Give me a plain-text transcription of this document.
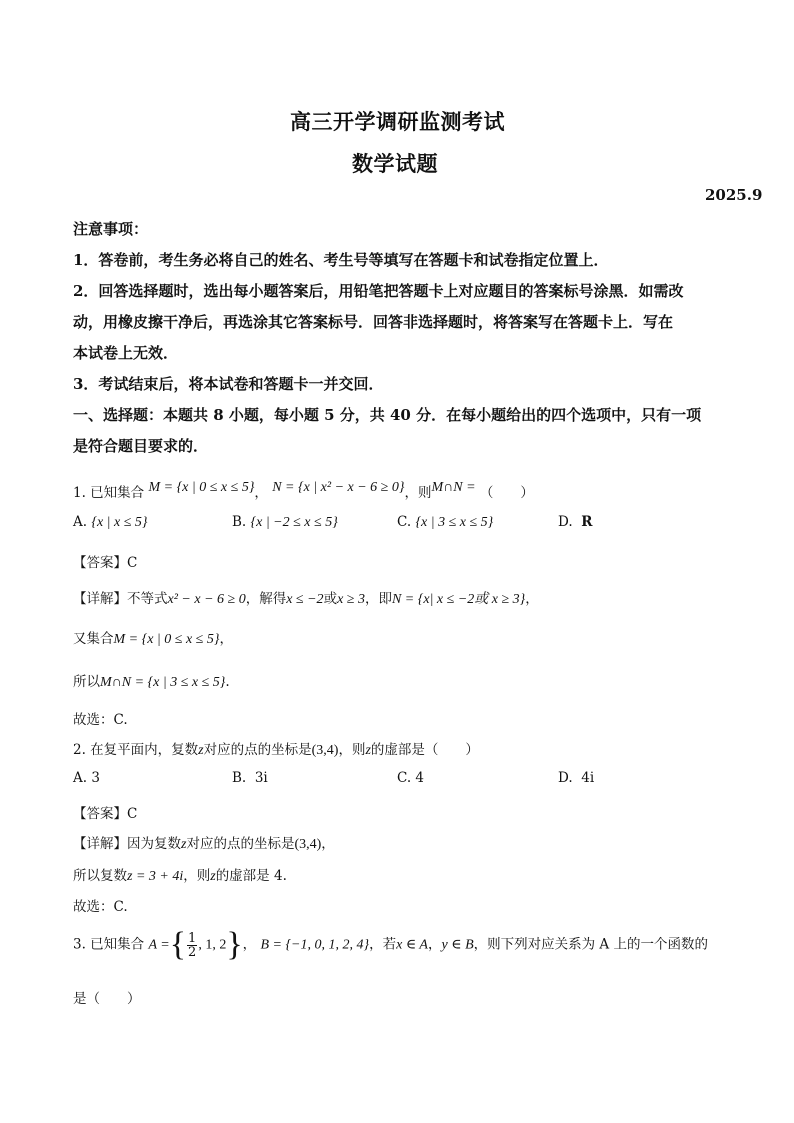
高三开学调研监测考试
数学试题
2025.9
注意事项：
1．答卷前，考生务必将自己的姓名、考生号等填写在答题卡和试卷指定位置上．
2．回答选择题时，选出每小题答案后，用铅笔把答题卡上对应题目的答案标号涂黑．如需改
动，用橡皮擦干净后，再选涂其它答案标号．回答非选择题时，将答案写在答题卡上．写在
本试卷上无效．
3．考试结束后，将本试卷和答题卡一并交回．
一、选择题：本题共 8 小题，每小题 5 分，共 40 分．在每小题给出的四个选项中，只有一项
是符合题目要求的．
1. 已知集合 M = {x | 0 ≤ x ≤ 5}， N = {x | x² − x − 6 ≥ 0}，则M∩N = （　　）
A. {x | x ≤ 5}	B. {x | −2 ≤ x ≤ 5}	C. {x | 3 ≤ x ≤ 5}	D. R
【答案】C
【详解】不等式x² − x − 6 ≥ 0，解得x ≤ −2或x ≥ 3，即N = {x| x ≤ −2或 x ≥ 3}，
又集合M = {x | 0 ≤ x ≤ 5}，
所以M∩N = {x | 3 ≤ x ≤ 5}.
故选：C.
2. 在复平面内，复数z对应的点的坐标是(3,4)，则z的虚部是（　　）
A. 3	B. 3i	C. 4	D. 4i
【答案】C
【详解】因为复数z对应的点的坐标是(3,4)，
所以复数z = 3 + 4i，则z的虚部是 4.
故选：C.
3. 已知集合 A ={ $\frac{1}{2}$ , 1, 2}， B = {−1, 0, 1, 2, 4}，若x ∈ A，y ∈ B，则下列对应关系为 A 上的一个函数的
是（　　）
